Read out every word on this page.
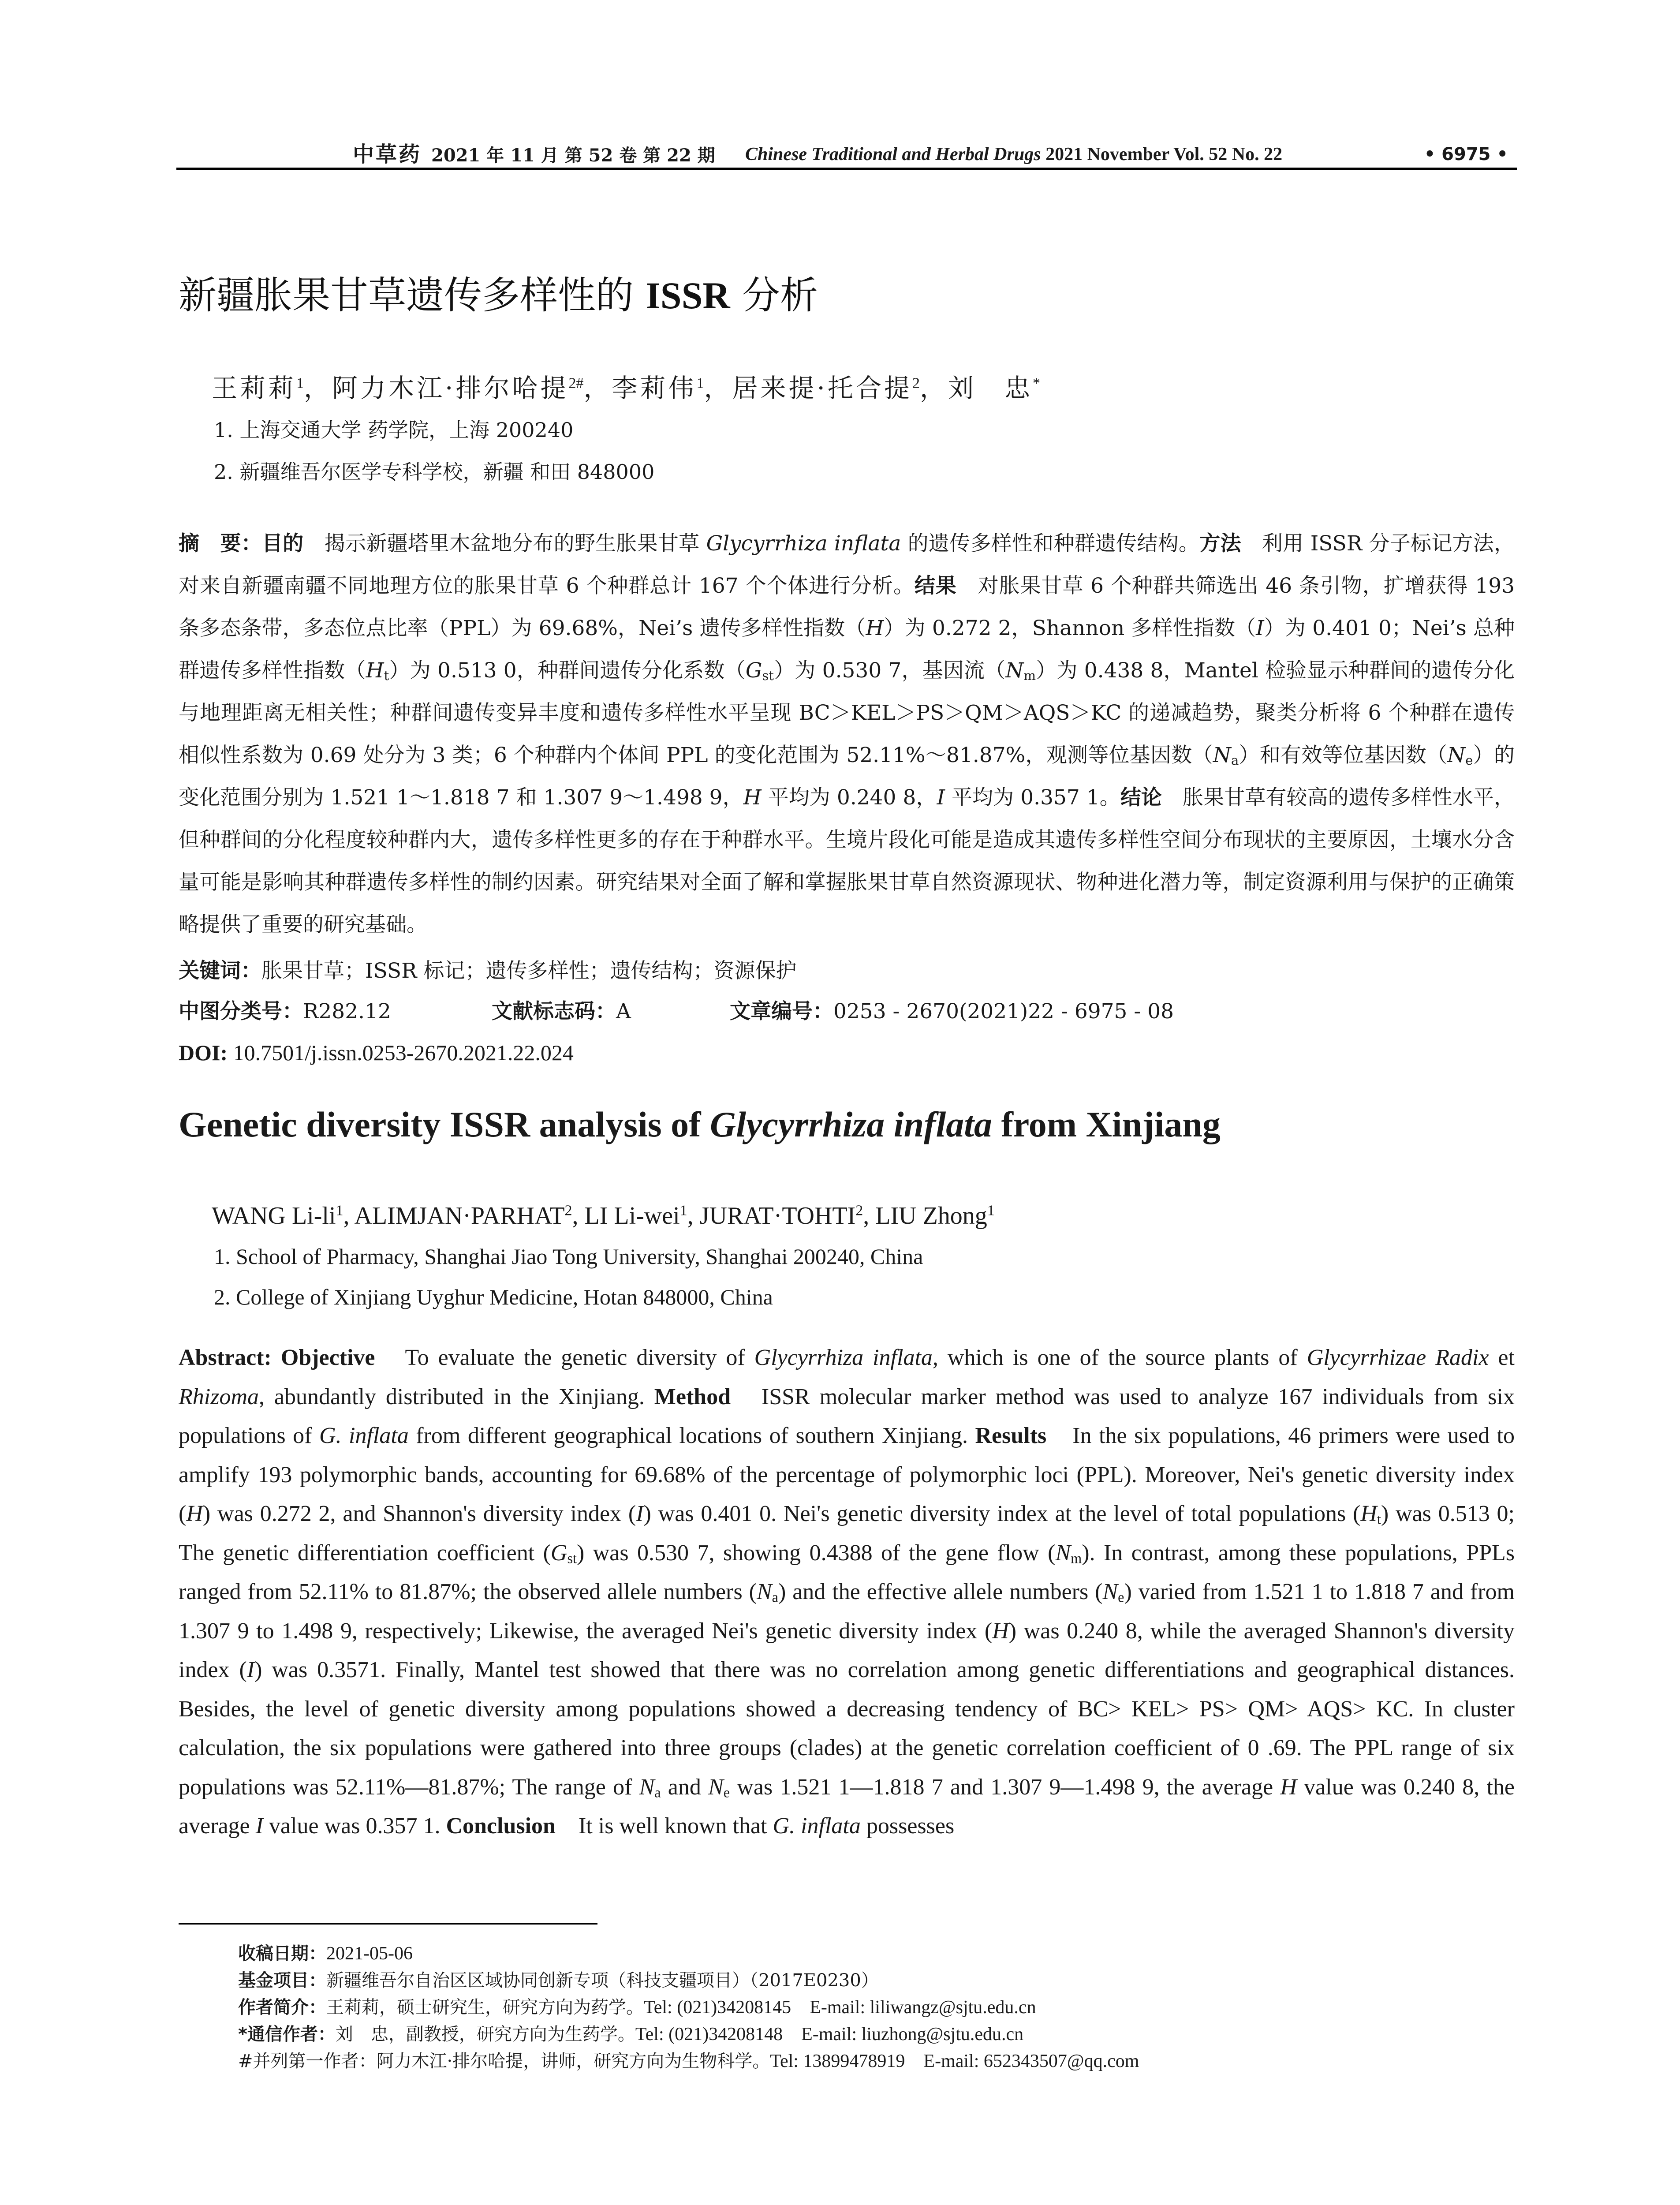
中草药 2021 年 11 月 第 52 卷 第 22 期 Chinese Traditional and Herbal Drugs 2021 November Vol. 52 No. 22	• 6975 •
新疆胀果甘草遗传多样性的 ISSR 分析
王莉莉$^1$，阿力木江·排尔哈提$^{2\#}$，李莉伟$^1$，居来提·托合提$^2$，刘　忠*
1. 上海交通大学 药学院，上海 200240
2. 新疆维吾尔医学专科学校，新疆 和田 848000
摘　要：目的　揭示新疆塔里木盆地分布的野生胀果甘草 Glycyrrhiza inflata 的遗传多样性和种群遗传结构。方法　利用 ISSR 分子标记方法，对来自新疆南疆不同地理方位的胀果甘草 6 个种群总计 167 个个体进行分析。结果　对胀果甘草 6 个种群共筛选出 46 条引物，扩增获得 193 条多态条带，多态位点比率（PPL）为 69.68%，Nei’s 遗传多样性指数（H）为 0.272 2，Shannon 多样性指数（I）为 0.401 0；Nei’s 总种群遗传多样性指数$(H_t)$为 0.513 0，种群间遗传分化系数$(G_{st})$为 0.530 7，基因流$(N_m)$为 0.438 8，Mantel 检验显示种群间的遗传分化与地理距离无相关性；种群间遗传变异丰度和遗传多样性水平呈现 BC＞KEL＞PS＞QM＞AQS＞KC 的递减趋势，聚类分析将 6 个种群在遗传相似性系数为 0.69 处分为 3 类；6 个种群内个体间 PPL 的变化范围为 52.11%～81.87%，观测等位基因数$(N_a)$和有效等位基因数$(N_e)$的变化范围分别为 1.521 1～1.818 7 和 1.307 9～1.498 9，H 平均为 0.240 8，I 平均为 0.357 1。结论　胀果甘草有较高的遗传多样性水平，但种群间的分化程度较种群内大，遗传多样性更多的存在于种群水平。生境片段化可能是造成其遗传多样性空间分布现状的主要原因，土壤水分含量可能是影响其种群遗传多样性的制约因素。研究结果对全面了解和掌握胀果甘草自然资源现状、物种进化潜力等，制定资源利用与保护的正确策略提供了重要的研究基础。
关键词：胀果甘草；ISSR 标记；遗传多样性；遗传结构；资源保护
中图分类号：R282.12	文献标志码：A	文章编号：0253 - 2670(2021)22 - 6975 - 08
DOI: 10.7501/j.issn.0253-2670.2021.22.024
Genetic diversity ISSR analysis of Glycyrrhiza inflata from Xinjiang
WANG $Li-li^1$, $ALIMJAN\cdot PARHAT^2$, LI Li-wei$^1$, $JURAT\cdot TOHTI^2$, LIU Zhong$^1$
1. School of Pharmacy, Shanghai Jiao Tong University, Shanghai 200240, China
2. College of Xinjiang Uyghur Medicine, Hotan 848000, China
Abstract: Objective　To evaluate the genetic diversity of Glycyrrhiza inflata, which is one of the source plants of Glycyrrhizae Radix et Rhizoma, abundantly distributed in the Xinjiang. Method　ISSR molecular marker method was used to analyze 167 individuals from six populations of G. inflata from different geographical locations of southern Xinjiang. Results　In the six populations, 46 primers were used to amplify 193 polymorphic bands, accounting for 69.68% of the percentage of polymorphic loci (PPL). Moreover, Nei's genetic diversity index (H) was 0.272 2, and Shannon's diversity index (I) was 0.401 0. Nei's genetic diversity index at the level of total populations $(H_t)$ was 0.513 0; The genetic differentiation coefficient $(G_{st})$ was 0.530 7, showing 0.4388 of the gene flow $(N_m)$. In contrast, among these populations, PPLs ranged from 52.11% to 81.87%; the observed allele numbers $(N_a)$ and the effective allele numbers $(N_e)$ varied from 1.521 1 to 1.818 7 and from 1.307 9 to 1.498 9, respectively; Likewise, the averaged Nei's genetic diversity index (H) was 0.240 8, while the averaged Shannon's diversity index (I) was 0.3571. Finally, Mantel test showed that there was no correlation among genetic differentiations and geographical distances. Besides, the level of genetic diversity among populations showed a decreasing tendency of BC> KEL> PS> QM> AQS> KC. In cluster calculation, the six populations were gathered into three groups (clades) at the genetic correlation coefficient of 0 .69. The PPL range of six populations was 52.11%—81.87%; The range of $N_a$ and $N_e$ was 1.521 1—1.818 7 and 1.307 9—1.498 9, the average H value was 0.240 8, the average I value was 0.357 1. Conclusion　It is well known that G. inflata possesses
收稿日期：2021-05-06
基金项目：新疆维吾尔自治区区域协同创新专项（科技支疆项目）（2017E0230）
作者简介：王莉莉，硕士研究生，研究方向为药学。Tel: (021)34208145　E-mail: liliwangz@sjtu.edu.cn
*通信作者：刘　忠，副教授，研究方向为生药学。Tel: (021)34208148　E-mail: liuzhong@sjtu.edu.cn
#并列第一作者：阿力木江·排尔哈提，讲师，研究方向为生物科学。Tel: 13899478919　E-mail: 652343507@qq.com
